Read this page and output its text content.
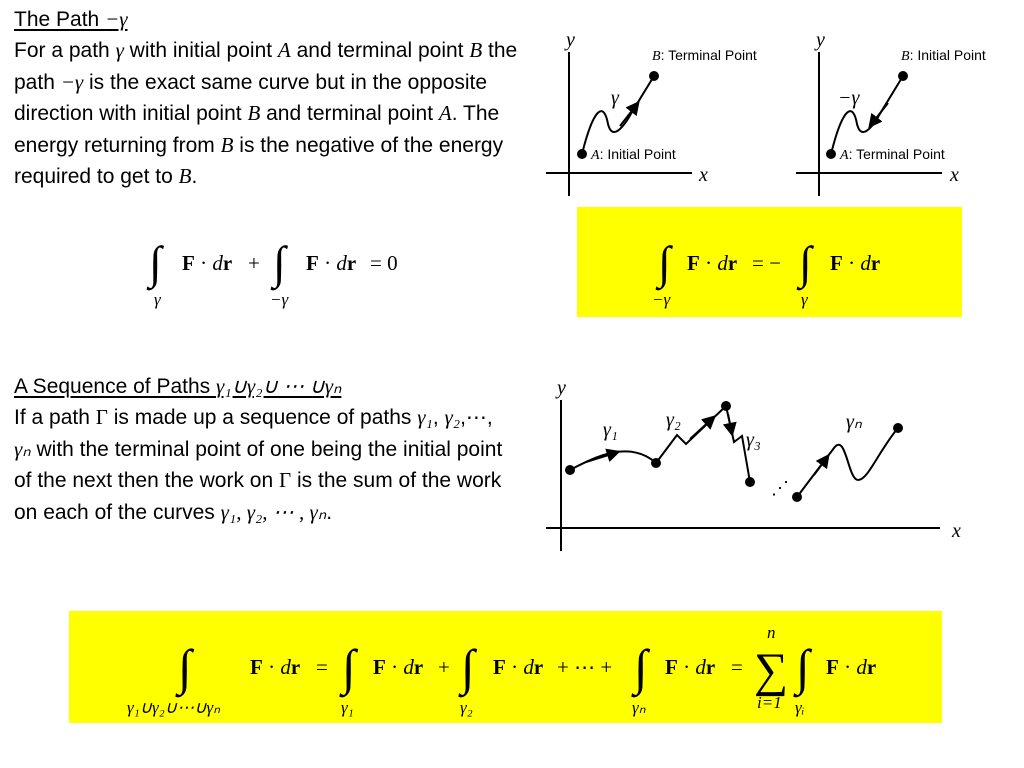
The Path −γ
For a path γ with initial point A and terminal point B the path −γ is the exact same curve but in the opposite direction with initial point B and terminal point A. The energy returning from B is the negative of the energy required to get to B.
A Sequence of Paths γ₁∪γ₂∪ ⋯ ∪γₙ
If a path Γ is made up a sequence of paths γ₁, γ₂,⋯, γₙ with the terminal point of one being the initial point of the next then the work on Γ is the sum of the work on each of the curves γ₁, γ₂, ⋯ , γₙ.
y
x
γ
B: Terminal Point
A: Initial Point
y
x
−γ
B: Initial Point
A: Terminal Point
∫ F · dr + ∫ F · dr = 0
γ	−γ
∫ F · dr = − ∫ F · dr
−γ	γ
y
x
γ₁ γ₂
γ₃
γₙ
⋰
∫	F · dr = ∫ F · dr + ∫ F · dr + ⋯ + ∫ F · dr = ∑
n
i=1
∫ F · dr
γ₁∪γ₂∪⋯∪γₙ	γ₁	γ₂	γₙ	γᵢ
